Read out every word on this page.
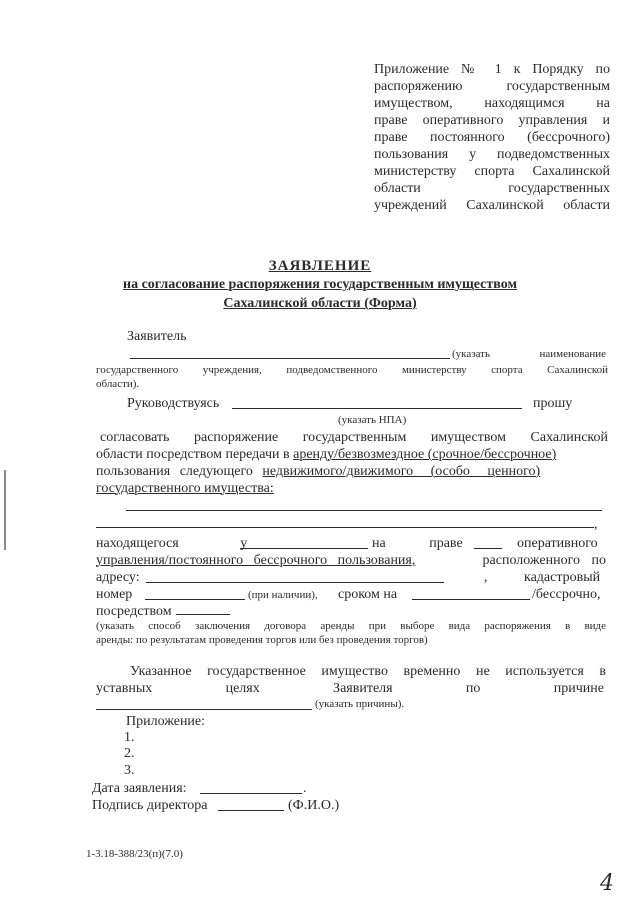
Приложение № 1 к Порядку по
распоряжению государственным
имуществом, находящимся на
праве оперативного управления и
праве постоянного (бессрочного)
пользования у подведомственных
министерству спорта Сахалинской
области государственных
учреждений Сахалинской области
ЗАЯВЛЕНИЕ
на согласование распоряжения государственным имуществом
Сахалинской области (Форма)
Заявитель
(указать наименование
государственного учреждения, подведомственного министерству спорта Сахалинской
области).
Руководствуясь	прошу
(указать НПА)
согласовать распоряжение государственным имуществом Сахалинской
области посредством передачи в аренду/безвозмездное (срочное/бессрочное)
пользования следующего недвижимого/движимого (особо ценного)
государственного имущества:
,
находящегося у	на праве	оперативного
управления/постоянного бессрочного пользования,	расположенного по
адресу:	,	кадастровый
номер	(при наличии), сроком на	/бессрочно,
посредством
(указать способ заключения договора аренды при выборе вида распоряжения в виде
аренды: по результатам проведения торгов или без проведения торгов)
Указанное государственное имущество временно не используется в
уставных целях Заявителя по причине
(указать причины).
Приложение:
1.
2.
3.
Дата заявления:	.
Подпись директора	(Ф.И.О.)
1-3.18-388/23(п)(7.0)
4
